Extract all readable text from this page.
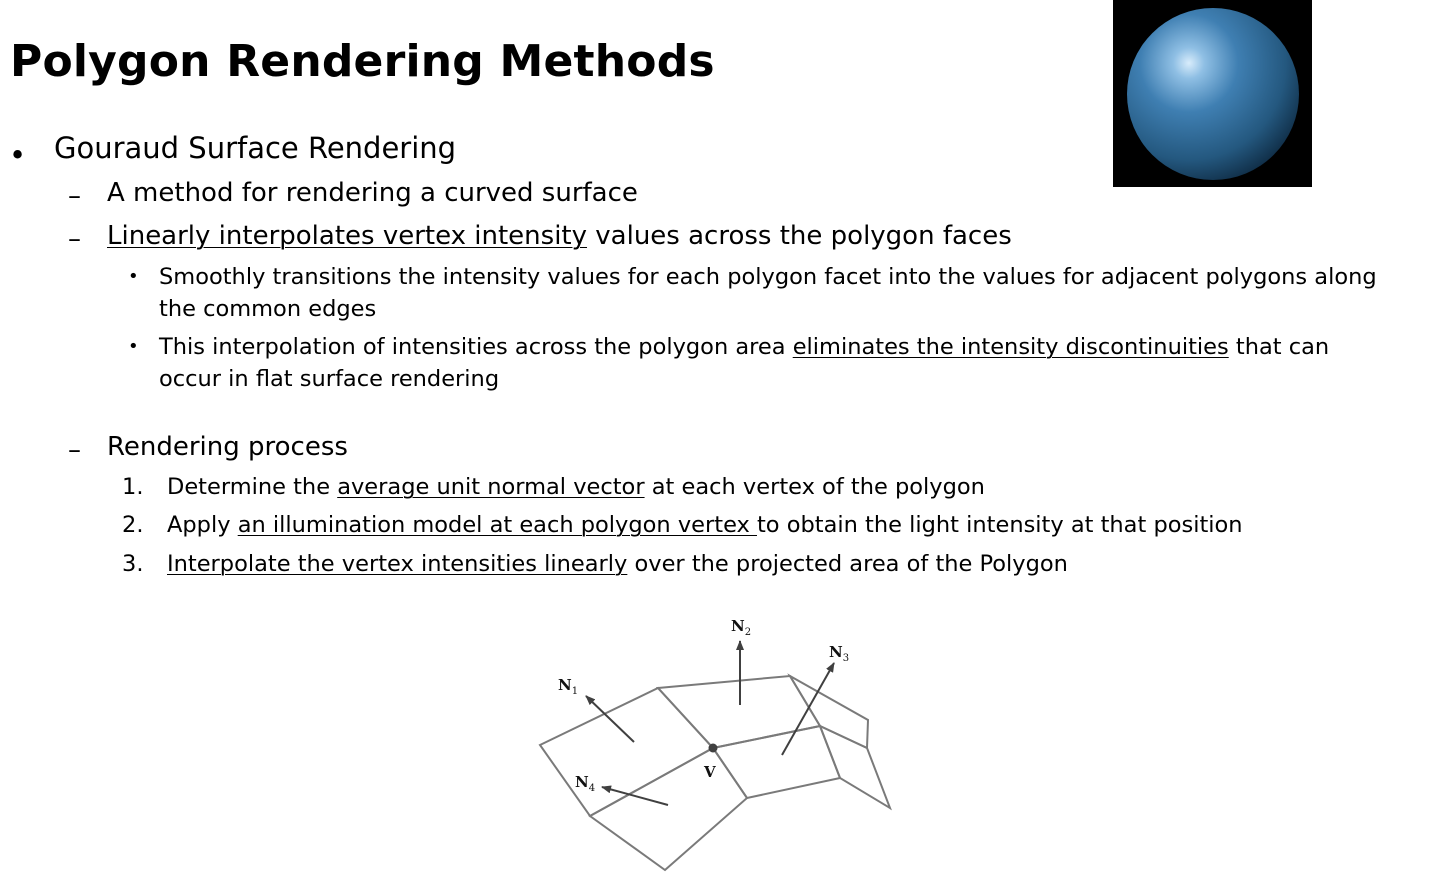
Polygon Rendering Methods
• Gouraud Surface Rendering
– A method for rendering a curved surface
– Linearly interpolates vertex intensity values across the polygon faces
• Smoothly transitions the intensity values for each polygon facet into the values for adjacent polygons along
the common edges
• This interpolation of intensities across the polygon area eliminates the intensity discontinuities that can
occur in flat surface rendering
– Rendering process
1. Determine the average unit normal vector at each vertex of the polygon
2. Apply an illumination model at each polygon vertex to obtain the light intensity at that position
3. Interpolate the vertex intensities linearly over the projected area of the Polygon
$N_1$
$N_2$
$N_3$
$N_4$
V
